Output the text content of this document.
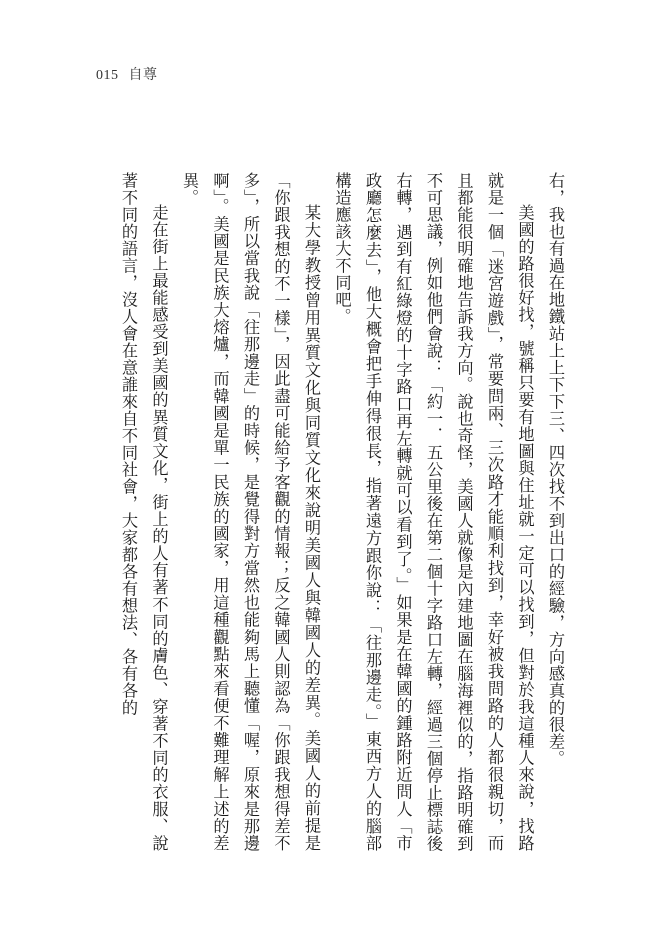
015 自尊

右，我也有過在地鐵站上上下下三、四次找不到出口的經驗，方向感真的很差。

美國的路很好找，號稱只要有地圖與住址就一定可以找到，但對於我這種人來說，找路就是一個「迷宮遊戲」，常要問兩、三次路才能順利找到，幸好被我問路的人都很親切，而且都能很明確地告訴我方向。說也奇怪，美國人就像是內建地圖在腦海裡似的，指路明確到不可思議，例如他們會說：「約一．五公里後在第二個十字路口左轉，經過三個停止標誌後右轉，遇到有紅綠燈的十字路口再左轉就可以看到了。」如果是在韓國的鍾路附近問人「市政廳怎麼去」，他大概會把手伸得很長，指著遠方跟你說：「往那邊走。」東西方人的腦部構造應該大不同吧。

某大學教授曾用異質文化與同質文化來說明美國人與韓國人的差異。美國人的前提是「你跟我想的不一樣」，因此盡可能給予客觀的情報；反之韓國人則認為「你跟我想得差不多」，所以當我說「往那邊走」的時候，是覺得對方當然也能夠馬上聽懂「喔，原來是那邊啊」。美國是民族大熔爐，而韓國是單一民族的國家，用這種觀點來看便不難理解上述的差異。

走在街上最能感受到美國的異質文化，街上的人有著不同的膚色、穿著不同的衣服、說著不同的語言，沒人會在意誰來自不同社會，大家都各有想法、各有各的
